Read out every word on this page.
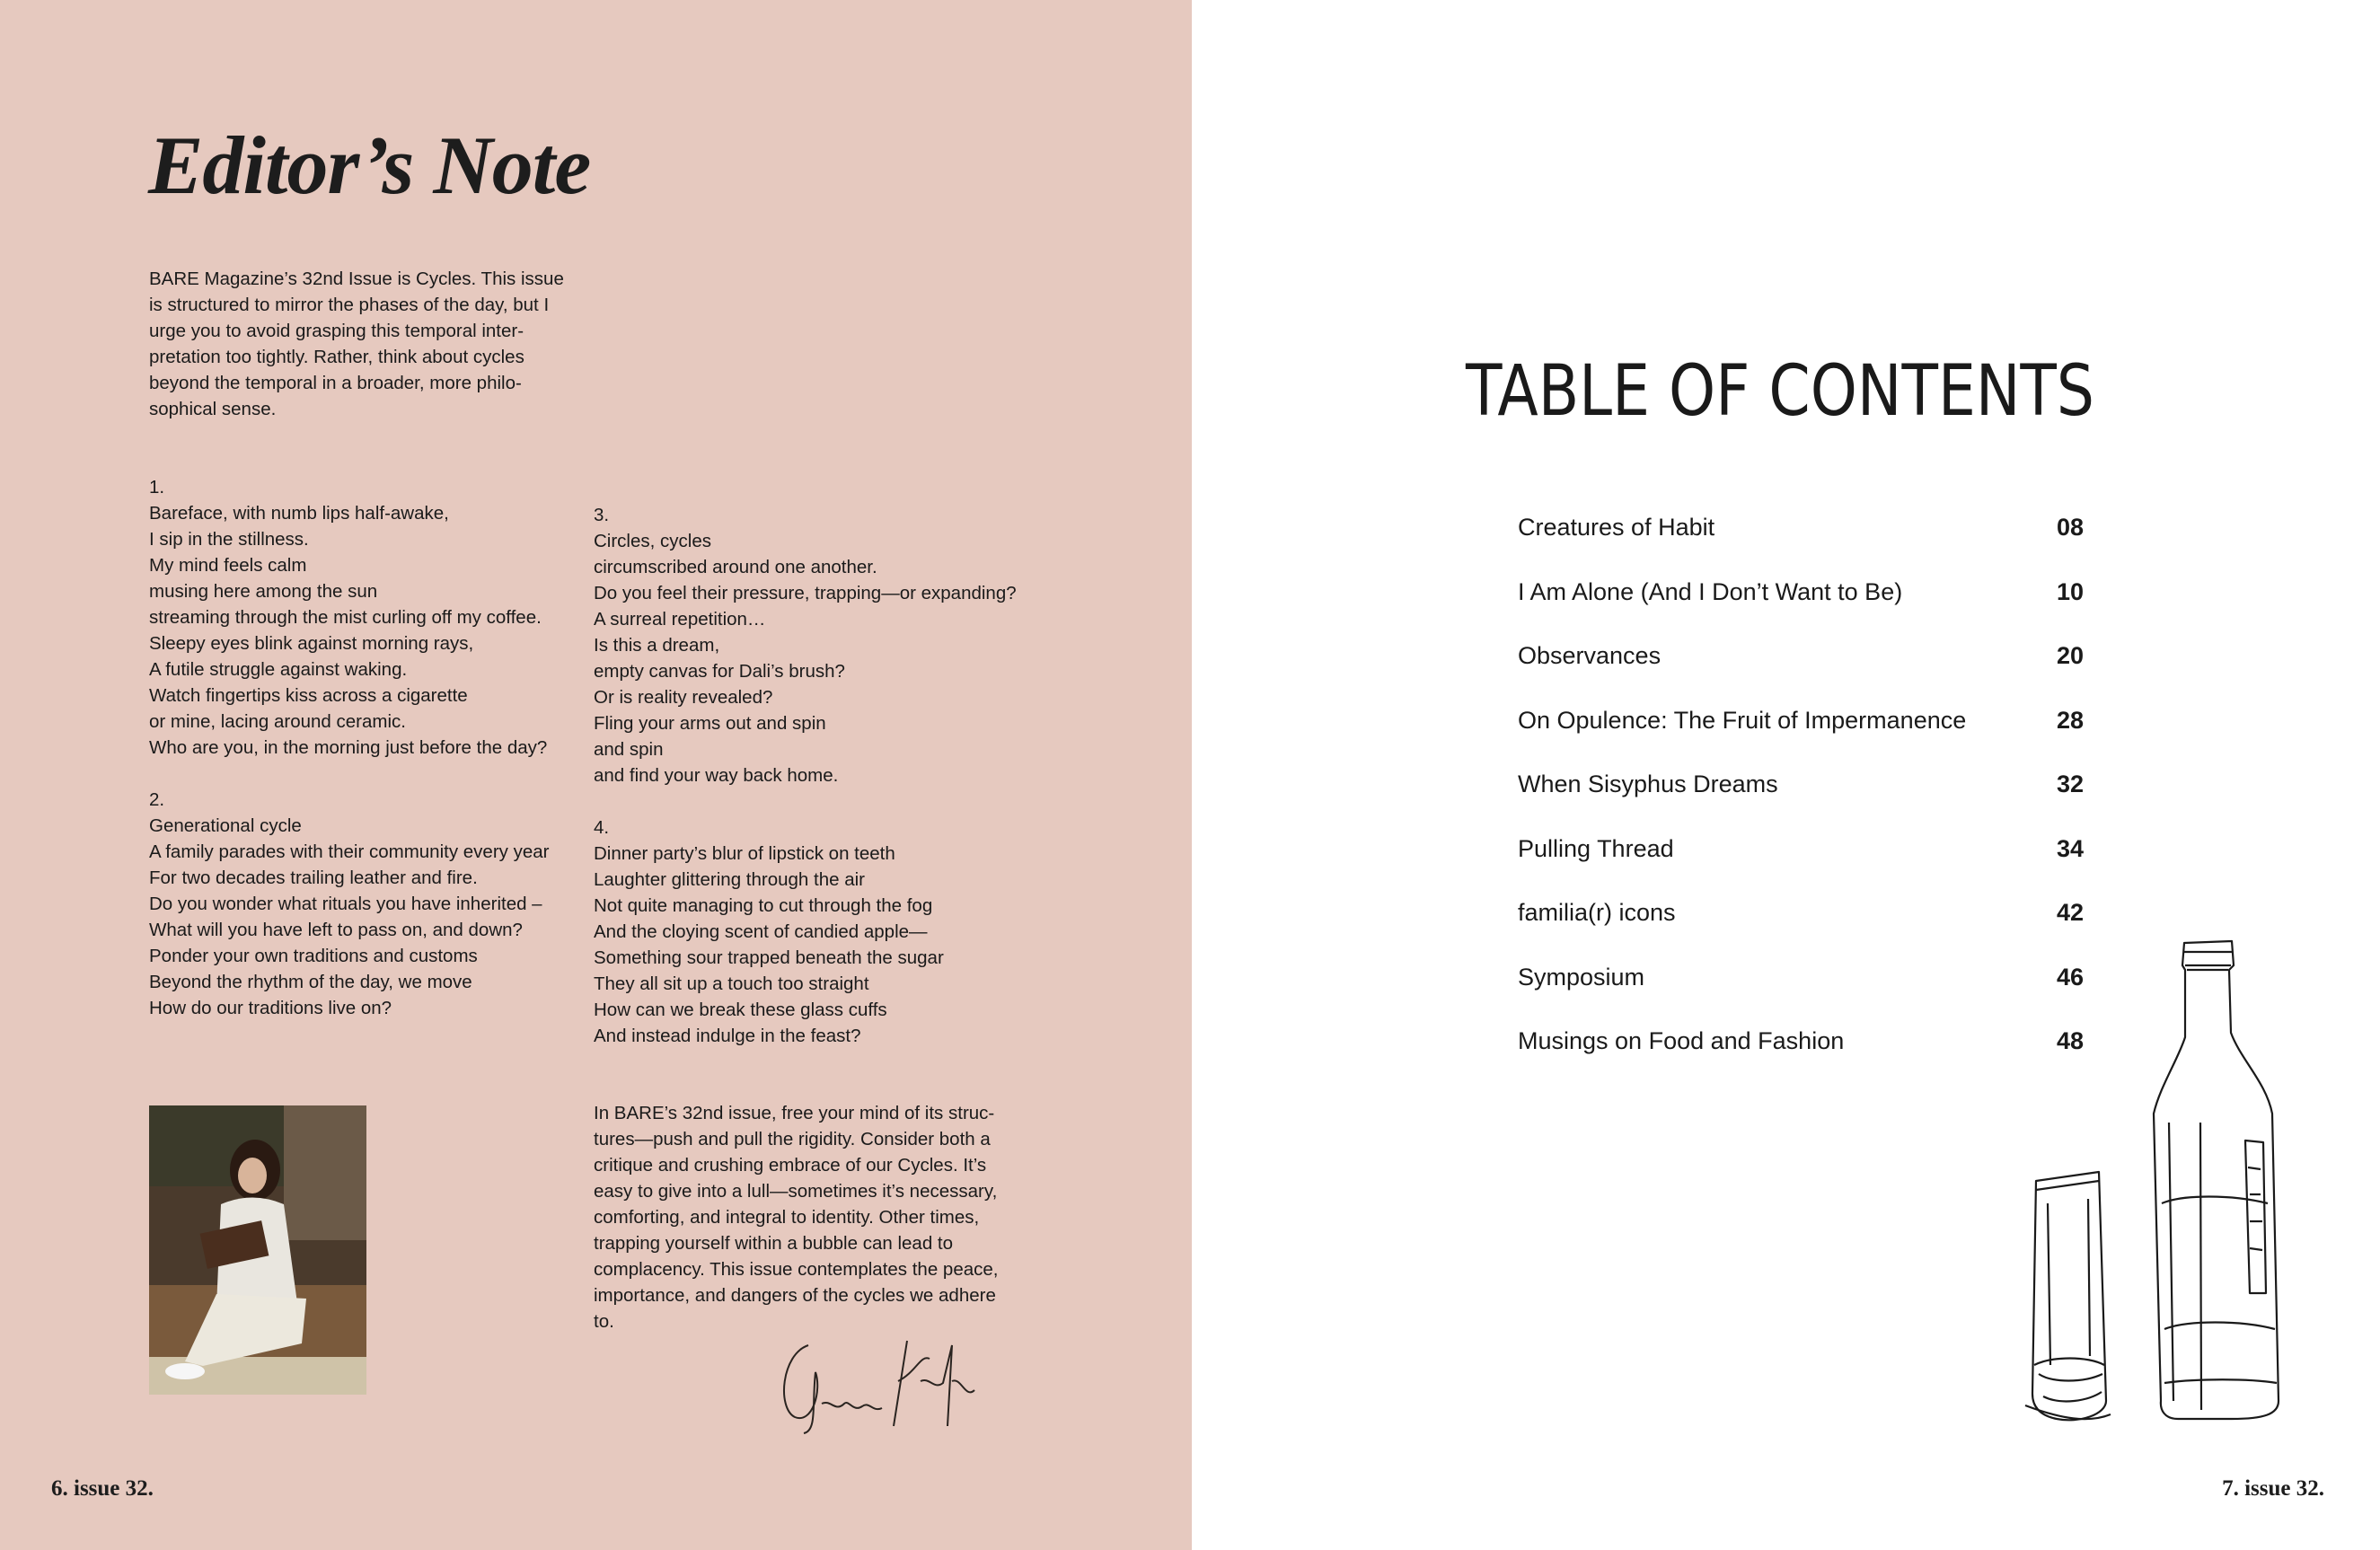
Editor’s Note

BARE Magazine’s 32nd Issue is Cycles. This issue is structured to mirror the phases of the day, but I urge you to avoid grasping this temporal inter-pretation too tightly. Rather, think about cycles beyond the temporal in a broader, more philo-sophical sense.

1.

Bareface, with numb lips half-awake,

I sip in the stillness.

My mind feels calm

musing here among the sun

streaming through the mist curling off my coffee.

Sleepy eyes blink against morning rays,

A futile struggle against waking.

Watch fingertips kiss across a cigarette

or mine, lacing around ceramic.

Who are you, in the morning just before the day?

2.

Generational cycle

A family parades with their community every year

For two decades trailing leather and fire.

Do you wonder what rituals you have inherited –

What will you have left to pass on, and down?

Ponder your own traditions and customs

Beyond the rhythm of the day, we move

How do our traditions live on?

3.

Circles, cycles

circumscribed around one another.

Do you feel their pressure, trapping—or expanding?

A surreal repetition…

Is this a dream,

empty canvas for Dali’s brush?

Or is reality revealed?

Fling your arms out and spin

and spin

and find your way back home.

4.

Dinner party’s blur of lipstick on teeth

Laughter glittering through the air

Not quite managing to cut through the fog

And the cloying scent of candied apple—

Something sour trapped beneath the sugar

They all sit up a touch too straight

How can we break these glass cuffs

And instead indulge in the feast?

In BARE’s 32nd issue, free your mind of its struc-tures—push and pull the rigidity. Consider both a critique and crushing embrace of our Cycles. It’s easy to give into a lull—sometimes it’s necessary, comforting, and integral to identity. Other times, trapping yourself within a bubble can lead to complacency. This issue contemplates the peace, importance, and dangers of the cycles we adhere to.

6. issue 32.
TABLE OF CONTENTS
Creatures of Habit	08
I Am Alone (And I Don’t Want to Be)	10
Observances	20
On Opulence: The Fruit of Impermanence	28
When Sisyphus Dreams	32
Pulling Thread	34
familia(r) icons	42
Symposium	46
Musings on Food and Fashion	48
7. issue 32.
